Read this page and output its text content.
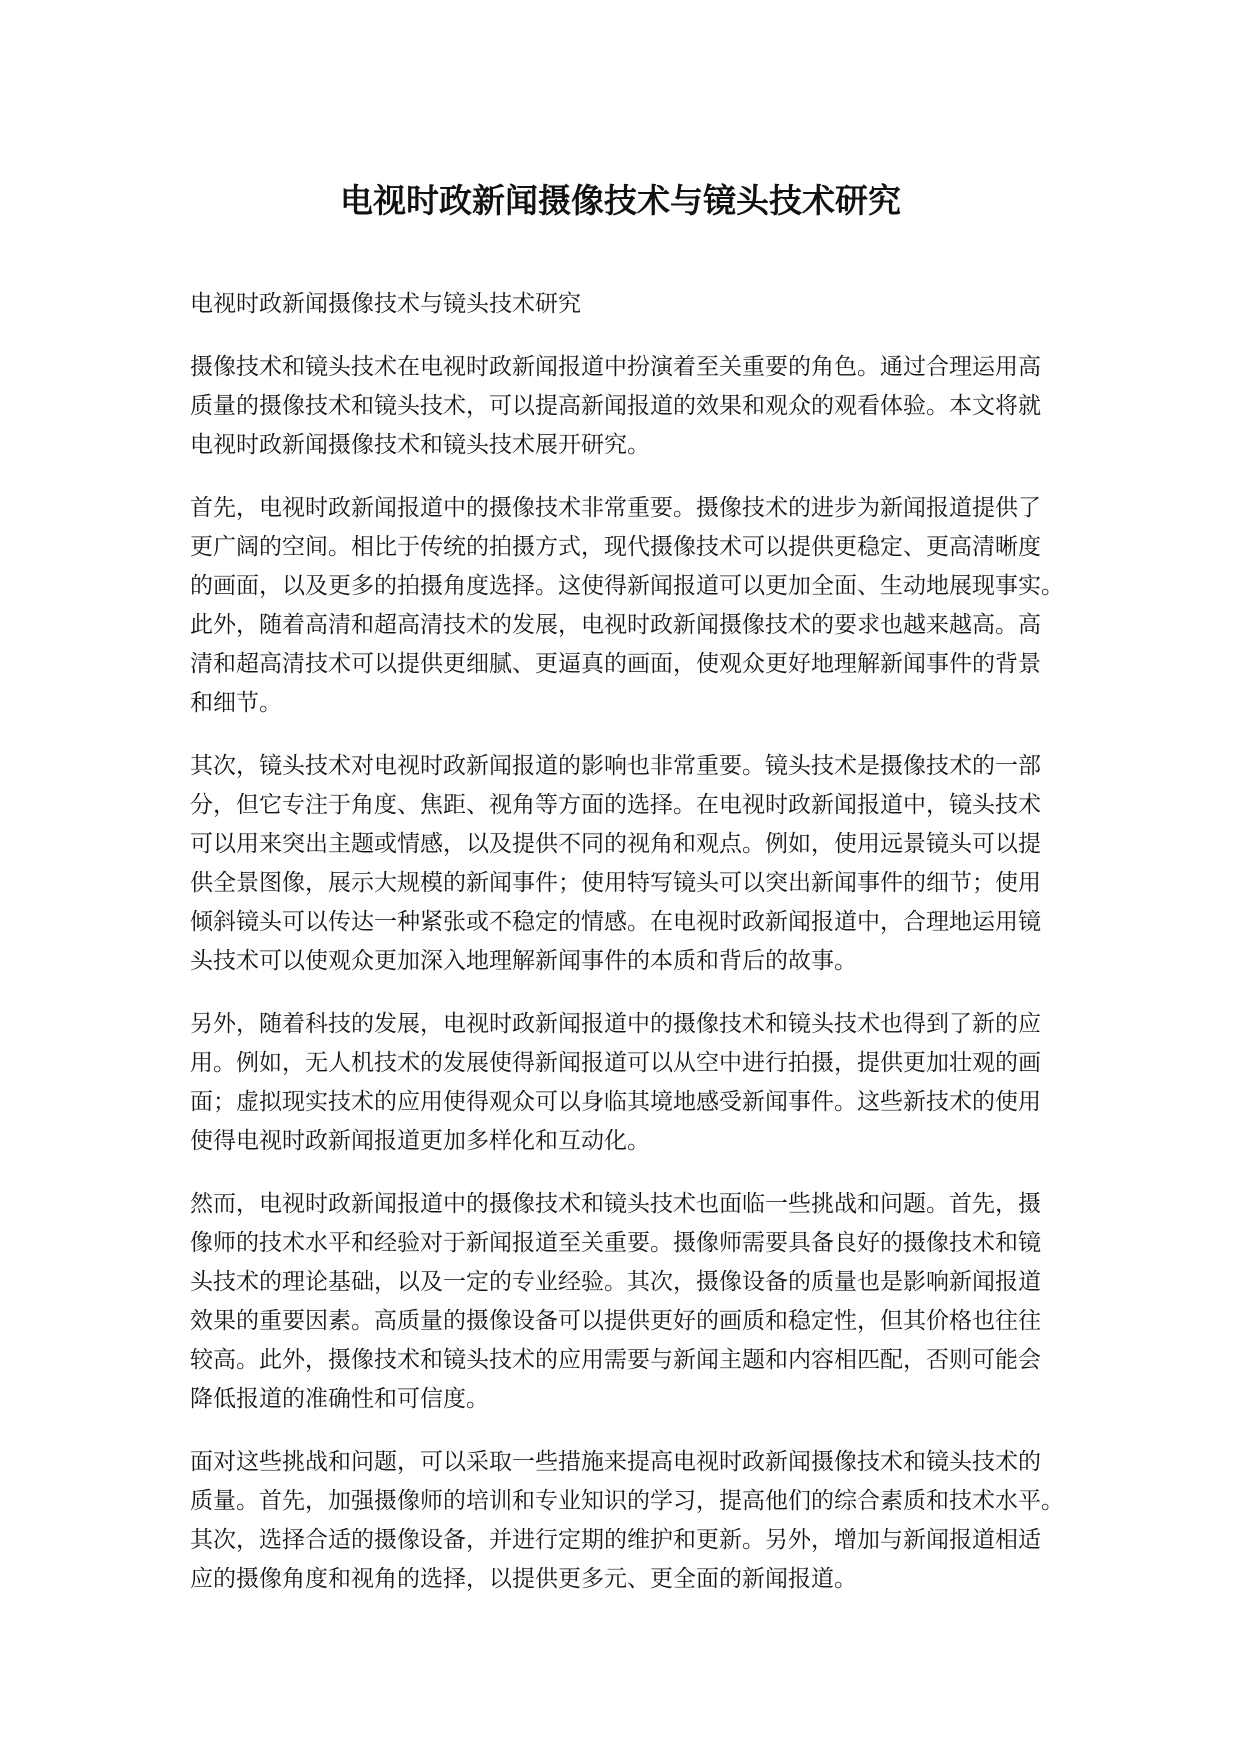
电视时政新闻摄像技术与镜头技术研究

电视时政新闻摄像技术与镜头技术研究

摄像技术和镜头技术在电视时政新闻报道中扮演着至关重要的角色。通过合理运用高
质量的摄像技术和镜头技术，可以提高新闻报道的效果和观众的观看体验。本文将就
电视时政新闻摄像技术和镜头技术展开研究。

首先，电视时政新闻报道中的摄像技术非常重要。摄像技术的进步为新闻报道提供了
更广阔的空间。相比于传统的拍摄方式，现代摄像技术可以提供更稳定、更高清晰度
的画面，以及更多的拍摄角度选择。这使得新闻报道可以更加全面、生动地展现事实。
此外，随着高清和超高清技术的发展，电视时政新闻摄像技术的要求也越来越高。高
清和超高清技术可以提供更细腻、更逼真的画面，使观众更好地理解新闻事件的背景
和细节。

其次，镜头技术对电视时政新闻报道的影响也非常重要。镜头技术是摄像技术的一部
分，但它专注于角度、焦距、视角等方面的选择。在电视时政新闻报道中，镜头技术
可以用来突出主题或情感，以及提供不同的视角和观点。例如，使用远景镜头可以提
供全景图像，展示大规模的新闻事件；使用特写镜头可以突出新闻事件的细节；使用
倾斜镜头可以传达一种紧张或不稳定的情感。在电视时政新闻报道中，合理地运用镜
头技术可以使观众更加深入地理解新闻事件的本质和背后的故事。

另外，随着科技的发展，电视时政新闻报道中的摄像技术和镜头技术也得到了新的应
用。例如，无人机技术的发展使得新闻报道可以从空中进行拍摄，提供更加壮观的画
面；虚拟现实技术的应用使得观众可以身临其境地感受新闻事件。这些新技术的使用
使得电视时政新闻报道更加多样化和互动化。

然而，电视时政新闻报道中的摄像技术和镜头技术也面临一些挑战和问题。首先，摄
像师的技术水平和经验对于新闻报道至关重要。摄像师需要具备良好的摄像技术和镜
头技术的理论基础，以及一定的专业经验。其次，摄像设备的质量也是影响新闻报道
效果的重要因素。高质量的摄像设备可以提供更好的画质和稳定性，但其价格也往往
较高。此外，摄像技术和镜头技术的应用需要与新闻主题和内容相匹配，否则可能会
降低报道的准确性和可信度。

面对这些挑战和问题，可以采取一些措施来提高电视时政新闻摄像技术和镜头技术的
质量。首先，加强摄像师的培训和专业知识的学习，提高他们的综合素质和技术水平。
其次，选择合适的摄像设备，并进行定期的维护和更新。另外，增加与新闻报道相适
应的摄像角度和视角的选择，以提供更多元、更全面的新闻报道。
